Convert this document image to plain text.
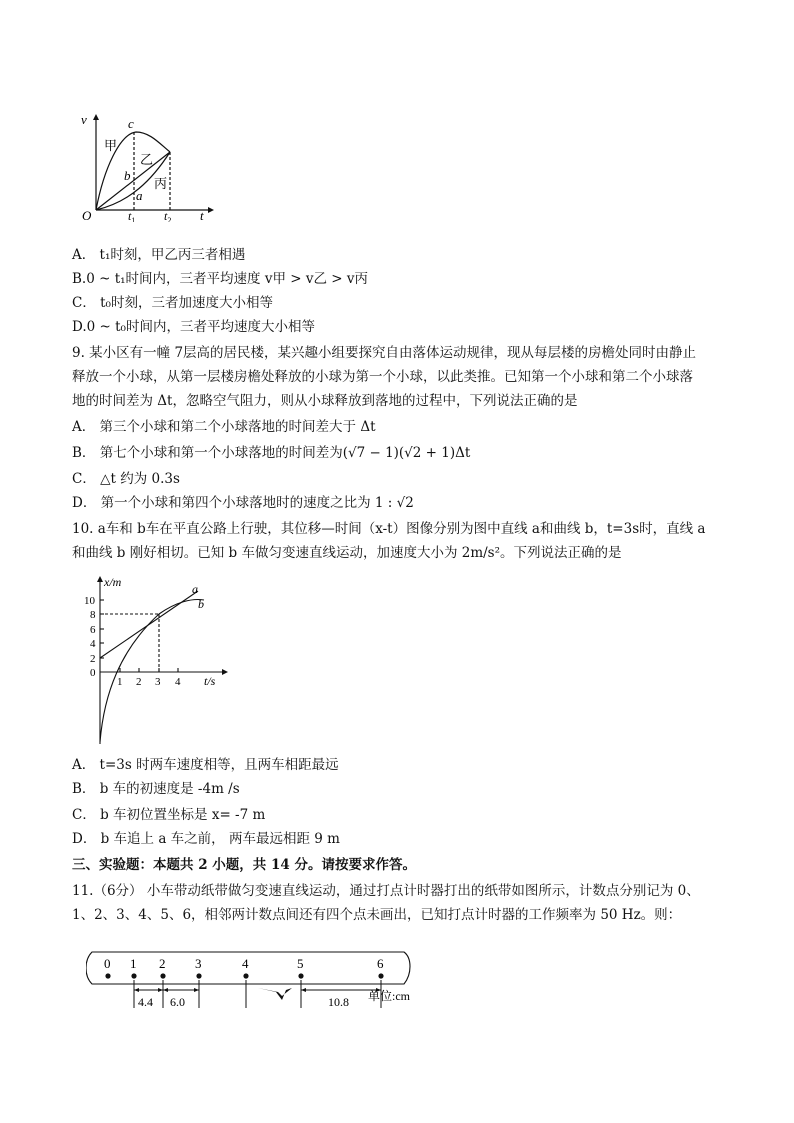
v
t
O
甲
乙
丙
c
b
a
$t_1$ $t_2$
A． t₁时刻，甲乙丙三者相遇
B.0 ~ t₁时间内，三者平均速度 v甲 > v乙 > v丙
C． t₀时刻，三者加速度大小相等
D.0 ~ t₀时间内，三者平均速度大小相等
9. 某小区有一幢 7层高的居民楼，某兴趣小组要探究自由落体运动规律，现从每层楼的房檐处同时由静止
释放一个小球，从第一层楼房檐处释放的小球为第一个小球，以此类推。已知第一个小球和第二个小球落
地的时间差为 Δt，忽略空气阻力，则从小球释放到落地的过程中，下列说法正确的是
A． 第三个小球和第二个小球落地的时间差大于 Δt
B． 第七个小球和第一个小球落地的时间差为(√7 − 1)(√2 + 1)Δt
C． △t 约为 0.3s
D． 第一个小球和第四个小球落地时的速度之比为 1 : √2
10. a车和 b车在平直公路上行驶，其位移—时间（x-t）图像分别为图中直线 a和曲线 b，t=3s时，直线 a
和曲线 b 刚好相切。已知 b 车做匀变速直线运动，加速度大小为 2m/s²。下列说法正确的是
x/m
t/s
a
b
10
8
6
4
2
0
1 2 3 4
A． t=3s 时两车速度相等，且两车相距最远
B． b 车的初速度是 -4m /s
C． b 车初位置坐标是 x= -7 m
D． b 车追上 a 车之前， 两车最远相距 9 m
三、实验题：本题共 2 小题，共 14 分。请按要求作答。
11.（6分） 小车带动纸带做匀变速直线运动，通过打点计时器打出的纸带如图所示，计数点分别记为 0、
1、2、3、4、5、6，相邻两计数点间还有四个点未画出，已知打点计时器的工作频率为 50 Hz。则：
0 1 2 3	4	5	6
4.4 6.0	10.8 单位:cm
